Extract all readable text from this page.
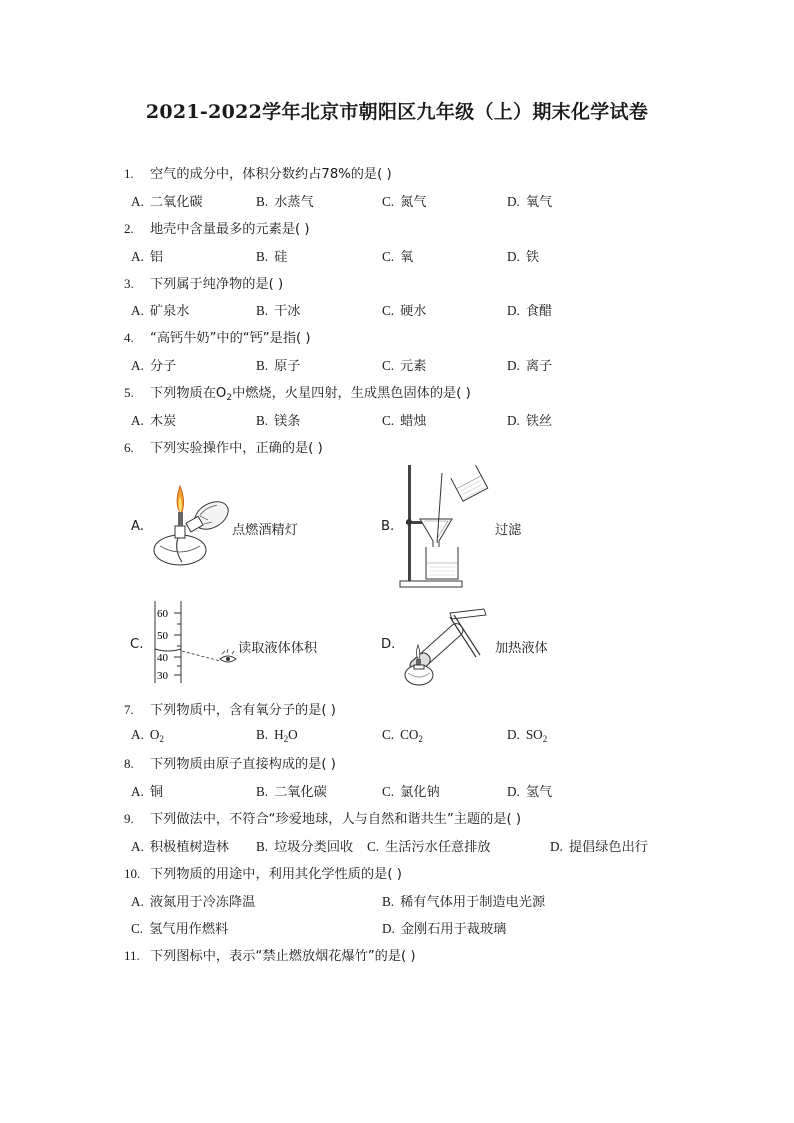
2021-2022学年北京市朝阳区九年级（上）期末化学试卷
1. 空气的成分中，体积分数约占78%的是( )
A. 二氧化碳	B. 水蒸气	C. 氮气	D. 氧气
2. 地壳中含量最多的元素是( )
A. 铝	B. 硅	C. 氧	D. 铁
3. 下列属于纯净物的是( )
A. 矿泉水	B. 干冰	C. 硬水	D. 食醋
4. “高钙牛奶”中的“钙”是指( )
A. 分子	B. 原子	C. 元素	D. 离子
5. 下列物质在$O_2$中燃烧，火星四射，生成黑色固体的是( )
A. 木炭	B. 镁条	C. 蜡烛	D. 铁丝
6. 下列实验操作中，正确的是( )
A.	点燃酒精灯	B.	过滤
C.
60
50
40
30
读取液体体积	D.	加热液体
7. 下列物质中，含有氧分子的是( )
A. $O_2$	B. $H_2O$	C. $CO_2$	D. $SO_2$
8. 下列物质由原子直接构成的是( )
A. 铜	B. 二氧化碳	C. 氯化钠	D. 氢气
9. 下列做法中，不符合“珍爱地球，人与自然和谐共生”主题的是( )
A. 积极植树造林 B. 垃圾分类回收 C. 生活污水任意排放	D. 提倡绿色出行
10. 下列物质的用途中，利用其化学性质的是( )
A. 液氮用于冷冻降温	B. 稀有气体用于制造电光源
C. 氢气用作燃料	D. 金刚石用于裁玻璃
11. 下列图标中，表示“禁止燃放烟花爆竹”的是( )
